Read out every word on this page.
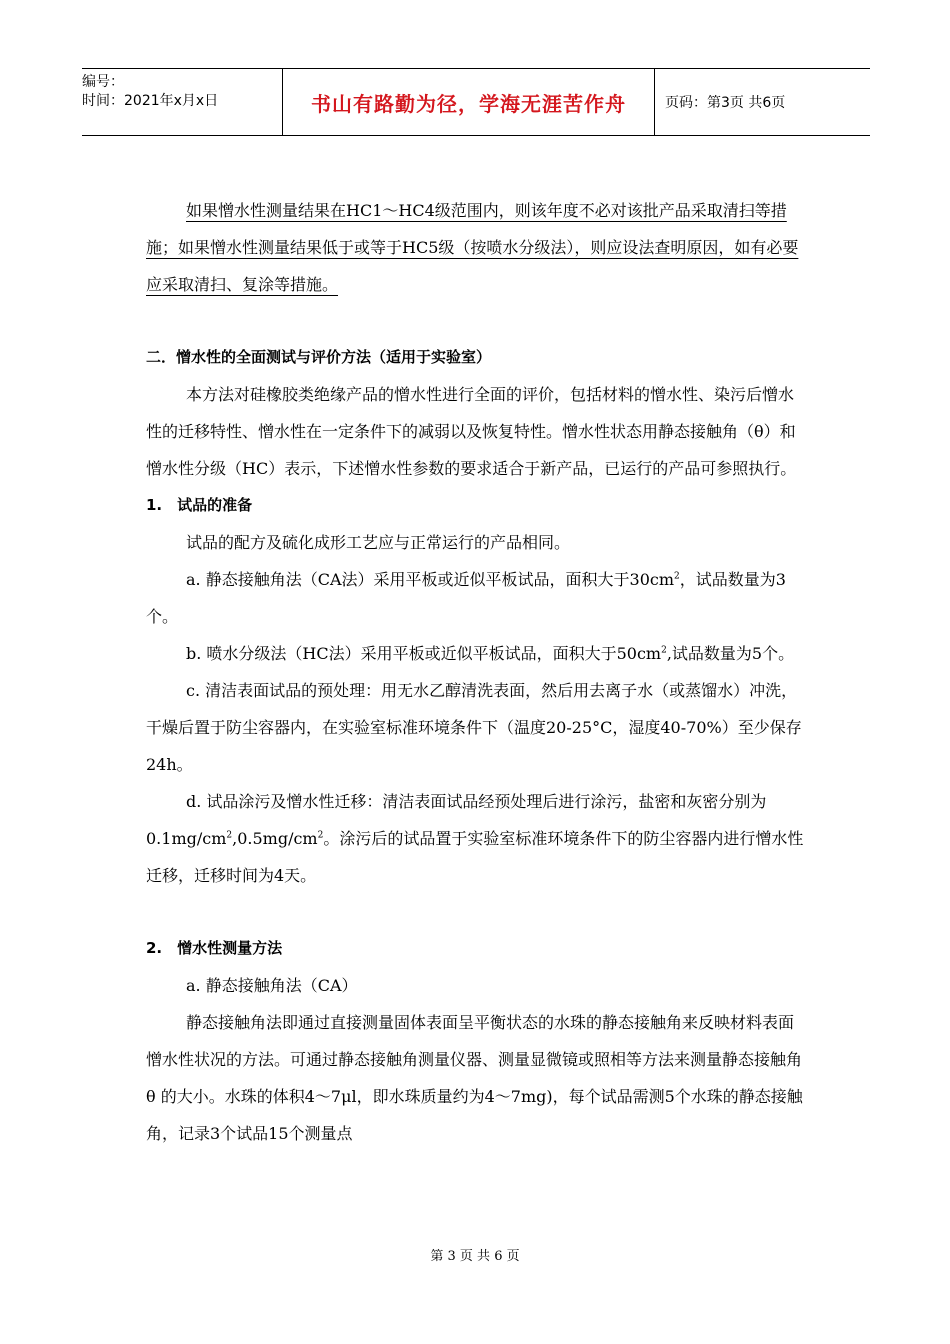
编号：
时间：2021年x月x日	书山有路勤为径，学海无涯苦作舟	页码：第3页 共6页

如果憎水性测量结果在HC1～HC4级范围内，则该年度不必对该批产品采取清扫等措施；如果憎水性测量结果低于或等于HC5级（按喷水分级法），则应设法查明原因，如有必要应采取清扫、复涂等措施。

二．憎水性的全面测试与评价方法（适用于实验室）

本方法对硅橡胶类绝缘产品的憎水性进行全面的评价，包括材料的憎水性、染污后憎水性的迁移特性、憎水性在一定条件下的减弱以及恢复特性。憎水性状态用静态接触角（θ）和憎水性分级（HC）表示，下述憎水性参数的要求适合于新产品，已运行的产品可参照执行。

1.　试品的准备

试品的配方及硫化成形工艺应与正常运行的产品相同。

a. 静态接触角法（CA法）采用平板或近似平板试品，面积大于$30cm^2$，试品数量为3个。

b. 喷水分级法（HC法）采用平板或近似平板试品，面积大于$50cm^2$,试品数量为5个。

c. 清洁表面试品的预处理：用无水乙醇清洗表面，然后用去离子水（或蒸馏水）冲洗，干燥后置于防尘容器内，在实验室标准环境条件下（温度20-25°C，湿度40-70%）至少保存24h。

d. 试品涂污及憎水性迁移：清洁表面试品经预处理后进行涂污，盐密和灰密分别为$0.1mg/cm^2,0.5mg/cm^2$。涂污后的试品置于实验室标准环境条件下的防尘容器内进行憎水性迁移，迁移时间为4天。

2.　憎水性测量方法

a. 静态接触角法（CA）

静态接触角法即通过直接测量固体表面呈平衡状态的水珠的静态接触角来反映材料表面憎水性状况的方法。可通过静态接触角测量仪器、测量显微镜或照相等方法来测量静态接触角 θ 的大小。水珠的体积4～7μl，即水珠质量约为4～7mg)，每个试品需测5个水珠的静态接触角，记录3个试品15个测量点

第 3 页 共 6 页
